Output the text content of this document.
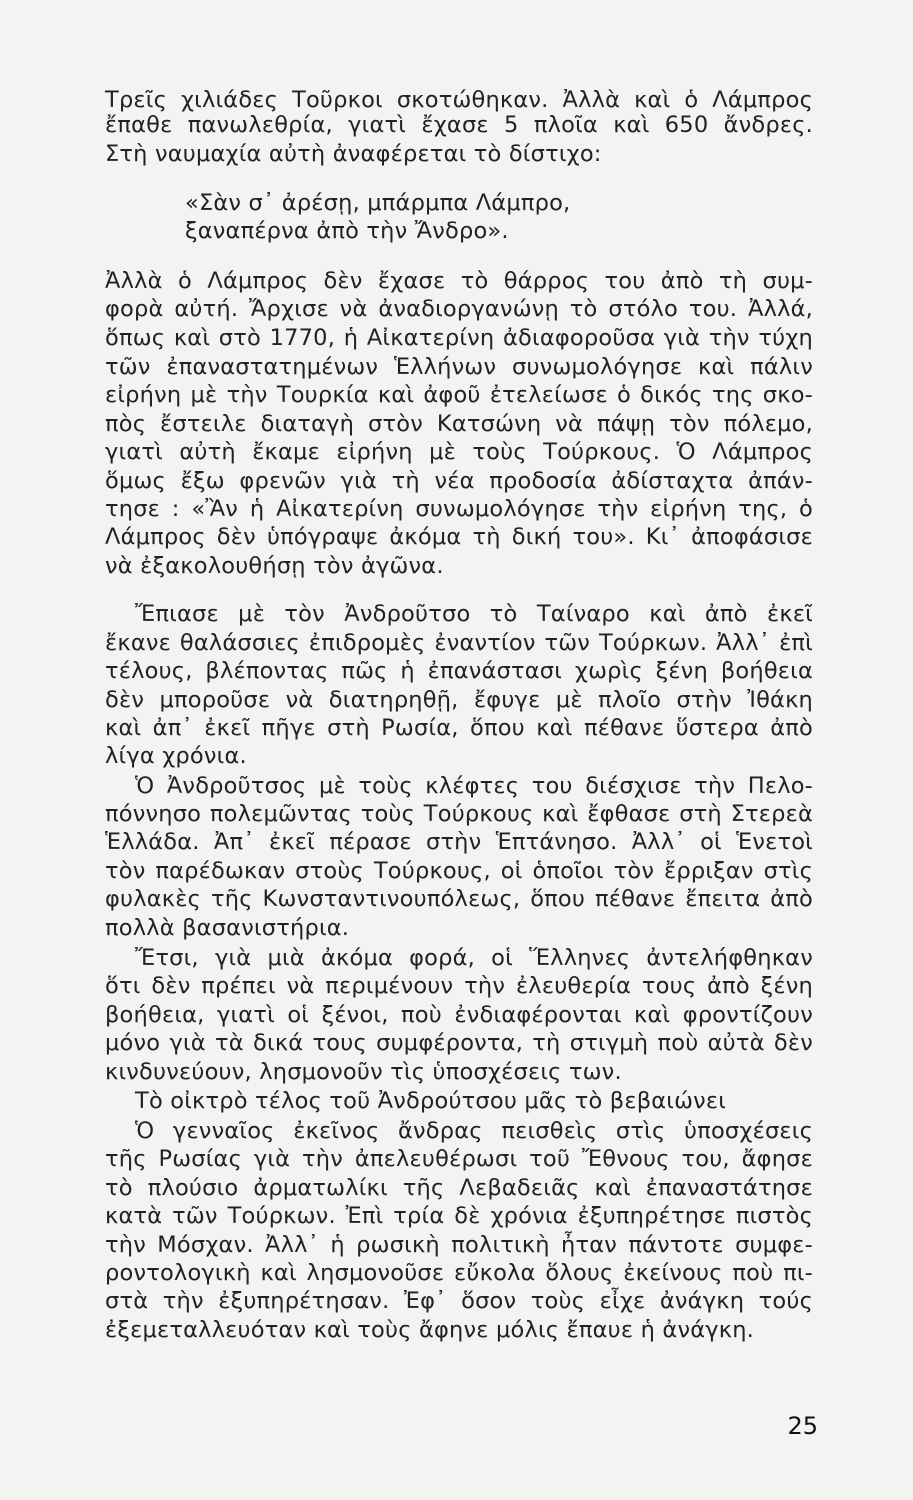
Τρεῖς χιλιάδες Τοῦρκοι σκοτώθηκαν. Ἀλλὰ καὶ ὁ Λάμπρος
ἔπαθε πανωλεθρία, γιατὶ ἔχασε 5 πλοῖα καὶ 650 ἄνδρες.
Στὴ ναυμαχία αὐτὴ ἀναφέρεται τὸ δίστιχο:
«Σὰν σ᾽ ἀρέσῃ, μπάρμπα Λάμπρο,
ξαναπέρνα ἀπὸ τὴν Ἄνδρο».
Ἀλλὰ ὁ Λάμπρος δὲν ἔχασε τὸ θάρρος του ἀπὸ τὴ συμ-
φορὰ αὐτή. Ἄρχισε νὰ ἀναδιοργανώνῃ τὸ στόλο του. Ἀλλά,
ὅπως καὶ στὸ 1770, ἡ Αἰκατερίνη ἀδιαφοροῦσα γιὰ τὴν τύχη
τῶν ἐπαναστατημένων Ἑλλήνων συνωμολόγησε καὶ πάλιν
εἰρήνη μὲ τὴν Τουρκία καὶ ἀφοῦ ἐτελείωσε ὁ δικός της σκο-
πὸς ἔστειλε διαταγὴ στὸν Κατσώνη νὰ πάψῃ τὸν πόλεμο,
γιατὶ αὐτὴ ἔκαμε εἰρήνη μὲ τοὺς Τούρκους. Ὁ Λάμπρος
ὅμως ἔξω φρενῶν γιὰ τὴ νέα προδοσία ἀδίσταχτα ἀπάν-
τησε : «Ἂν ἡ Αἰκατερίνη συνωμολόγησε τὴν εἰρήνη της, ὁ
Λάμπρος δὲν ὑπόγραψε ἀκόμα τὴ δική του». Κι᾽ ἀποφάσισε
νὰ ἐξακολουθήσῃ τὸν ἀγῶνα.
Ἔπιασε μὲ τὸν Ἀνδροῦτσο τὸ Ταίναρο καὶ ἀπὸ ἐκεῖ
ἔκανε θαλάσσιες ἐπιδρομὲς ἐναντίον τῶν Τούρκων. Ἀλλ᾽ ἐπὶ
τέλους, βλέποντας πῶς ἡ ἐπανάστασι χωρὶς ξένη βοήθεια
δὲν μποροῦσε νὰ διατηρηθῇ, ἔφυγε μὲ πλοῖο στὴν Ἰθάκη
καὶ ἀπ᾽ ἐκεῖ πῆγε στὴ Ρωσία, ὅπου καὶ πέθανε ὕστερα ἀπὸ
λίγα χρόνια.
Ὁ Ἀνδροῦτσος μὲ τοὺς κλέφτες του διέσχισε τὴν Πελο-
πόννησο πολεμῶντας τοὺς Τούρκους καὶ ἔφθασε στὴ Στερεὰ
Ἑλλάδα. Ἀπ᾽ ἐκεῖ πέρασε στὴν Ἑπτάνησο. Ἀλλ᾽ οἱ Ἑνετοὶ
τὸν παρέδωκαν στοὺς Τούρκους, οἱ ὁποῖοι τὸν ἔρριξαν στὶς
φυλακὲς τῆς Κωνσταντινουπόλεως, ὅπου πέθανε ἔπειτα ἀπὸ
πολλὰ βασανιστήρια.
Ἔτσι, γιὰ μιὰ ἀκόμα φορά, οἱ Ἕλληνες ἀντελήφθηκαν
ὅτι δὲν πρέπει νὰ περιμένουν τὴν ἐλευθερία τους ἀπὸ ξένη
βοήθεια, γιατὶ οἱ ξένοι, ποὺ ἐνδιαφέρονται καὶ φροντίζουν
μόνο γιὰ τὰ δικά τους συμφέροντα, τὴ στιγμὴ ποὺ αὐτὰ δὲν
κινδυνεύουν, λησμονοῦν τὶς ὑποσχέσεις των.
Τὸ οἰκτρὸ τέλος τοῦ Ἀνδρούτσου μᾶς τὸ βεβαιώνει
Ὁ γενναῖος ἐκεῖνος ἄνδρας πεισθεὶς στὶς ὑποσχέσεις
τῆς Ρωσίας γιὰ τὴν ἀπελευθέρωσι τοῦ Ἔθνους του, ἄφησε
τὸ πλούσιο ἀρματωλίκι τῆς Λεβαδειᾶς καὶ ἐπαναστάτησε
κατὰ τῶν Τούρκων. Ἐπὶ τρία δὲ χρόνια ἐξυπηρέτησε πιστὸς
τὴν Μόσχαν. Ἀλλ᾽ ἡ ρωσικὴ πολιτικὴ ἦταν πάντοτε συμφε-
ροντολογικὴ καὶ λησμονοῦσε εὔκολα ὅλους ἐκείνους ποὺ πι-
στὰ τὴν ἐξυπηρέτησαν. Ἐφ᾽ ὅσον τοὺς εἶχε ἀνάγκη τούς
ἐξεμεταλλευόταν καὶ τοὺς ἄφηνε μόλις ἔπαυε ἡ ἀνάγκη.
25
